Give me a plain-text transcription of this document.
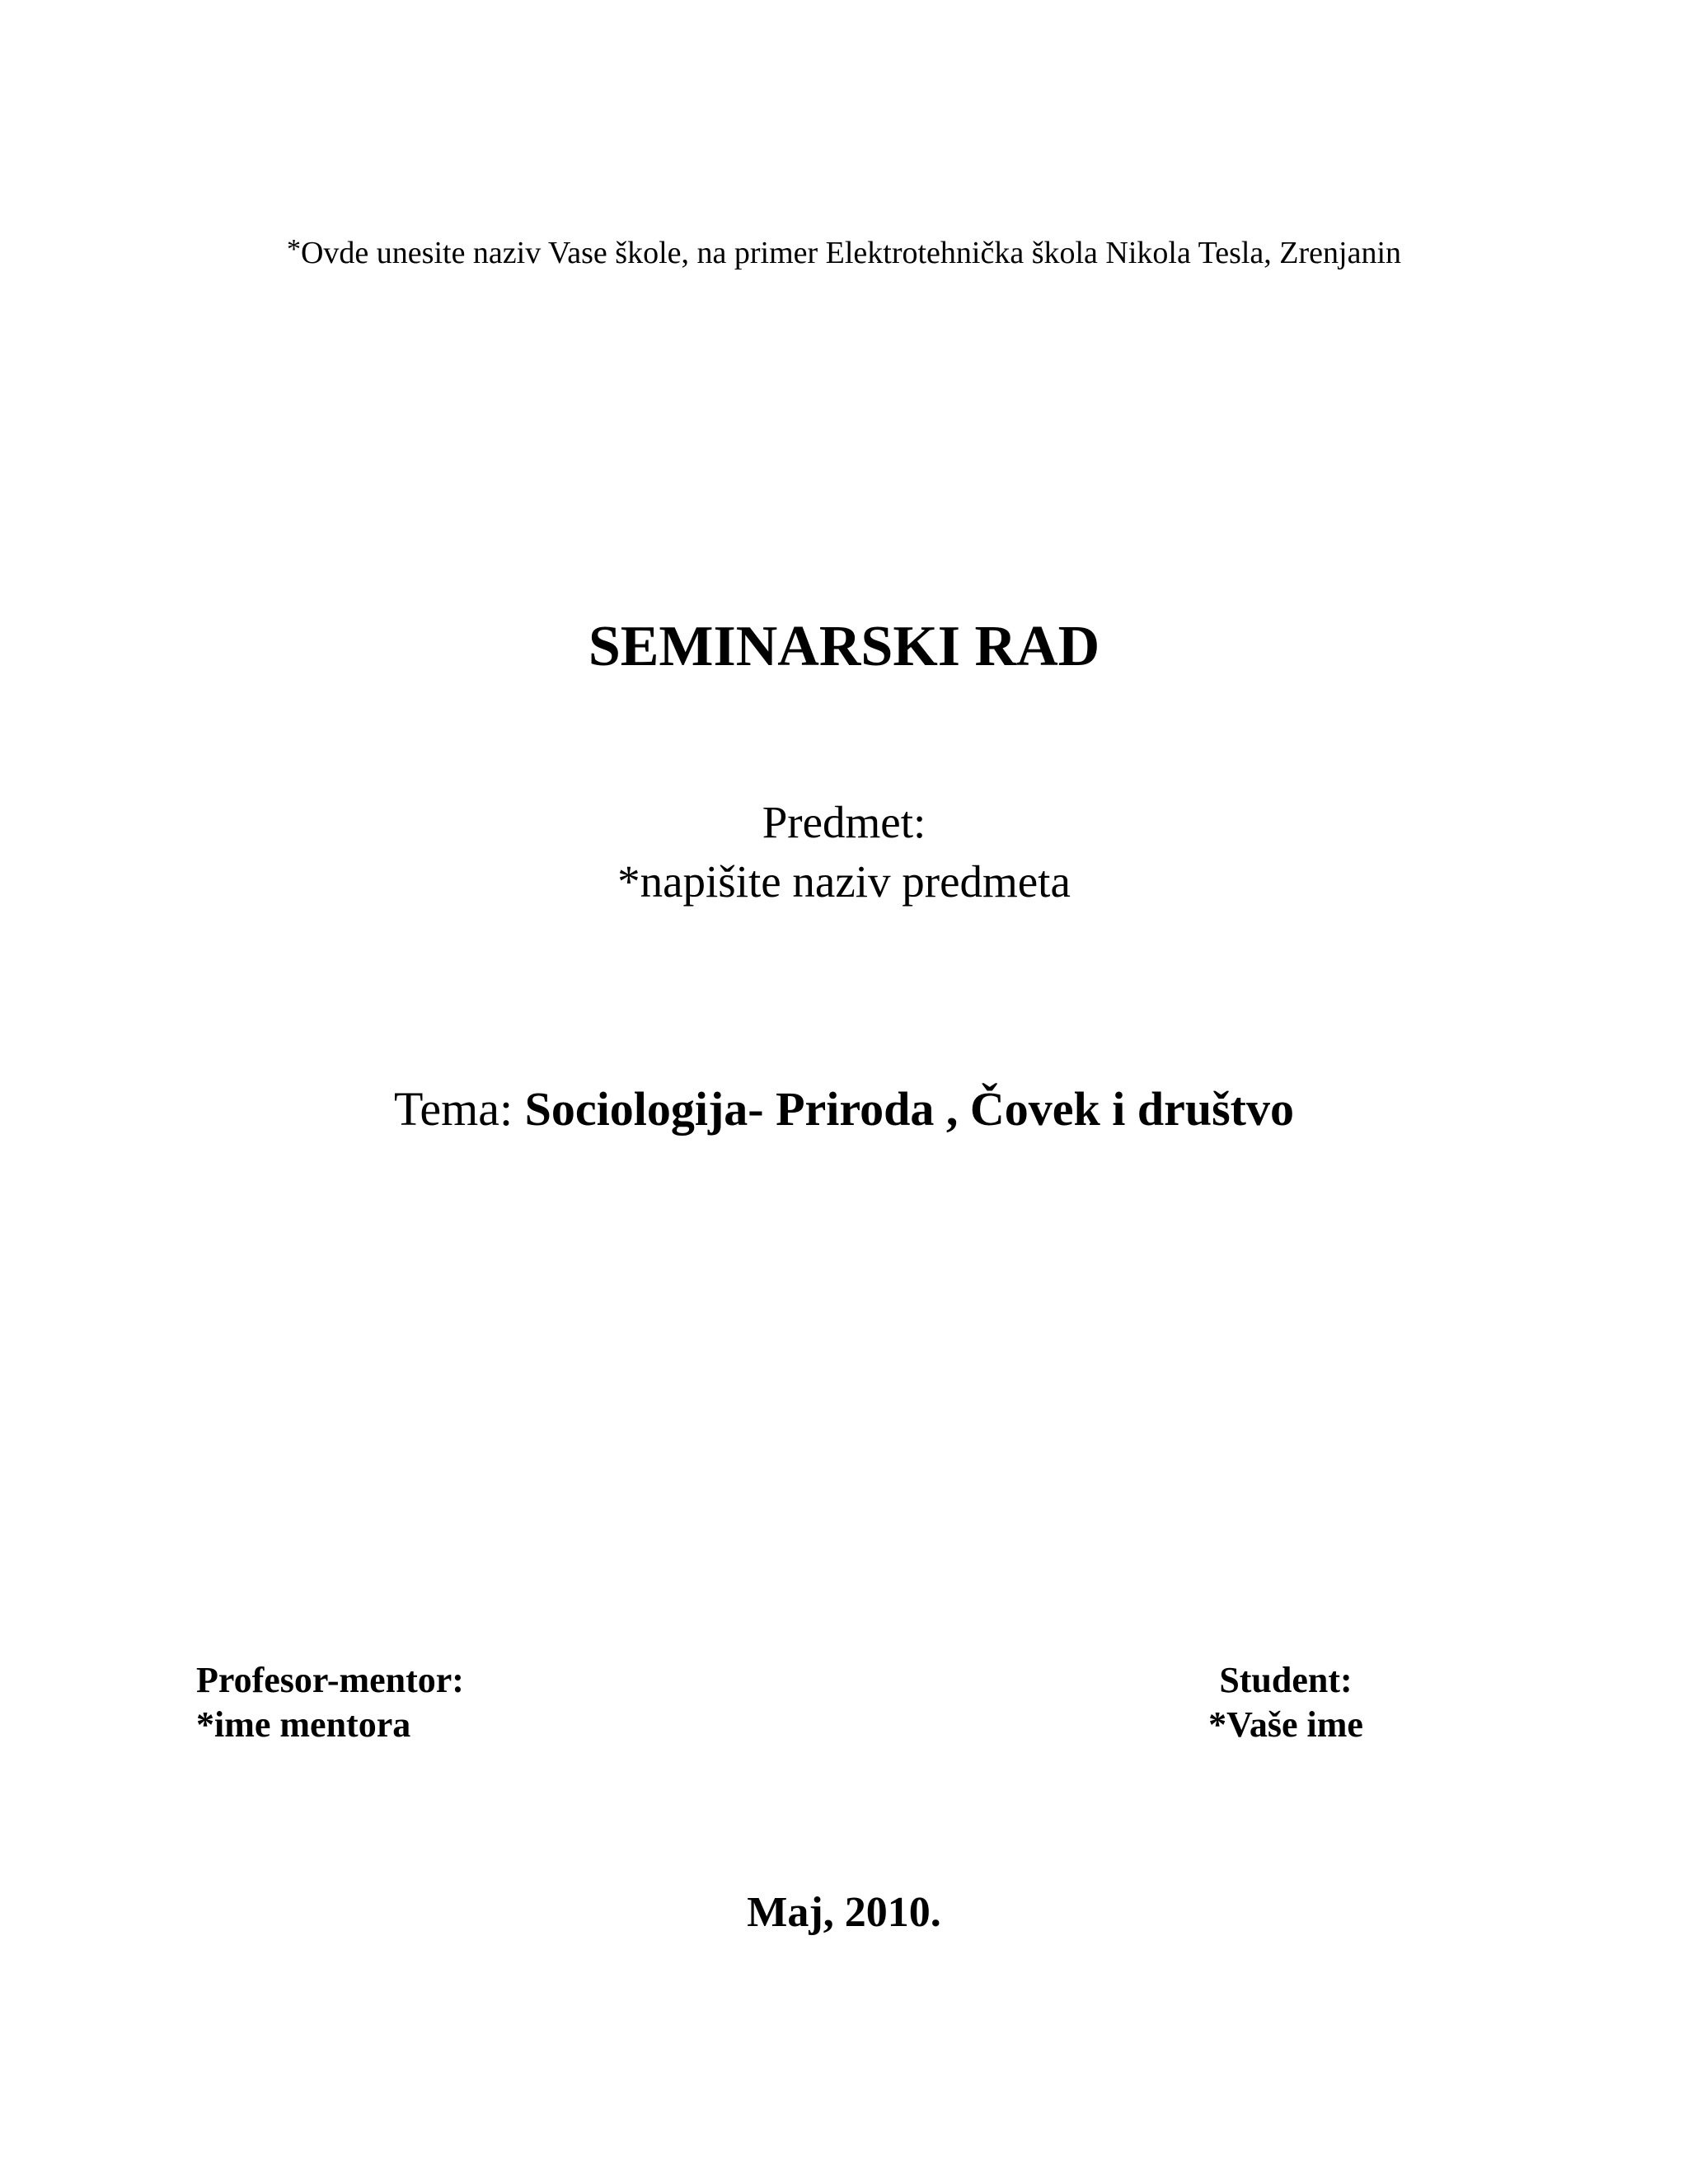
*Ovde unesite naziv Vase škole, na primer Elektrotehnička škola Nikola Tesla, Zrenjanin
SEMINARSKI RAD
Predmet:
*napišite naziv predmeta
Tema: Sociologija- Priroda , Čovek i društvo
Profesor-mentor:
*ime mentora
Student:
*Vaše ime
Maj, 2010.
